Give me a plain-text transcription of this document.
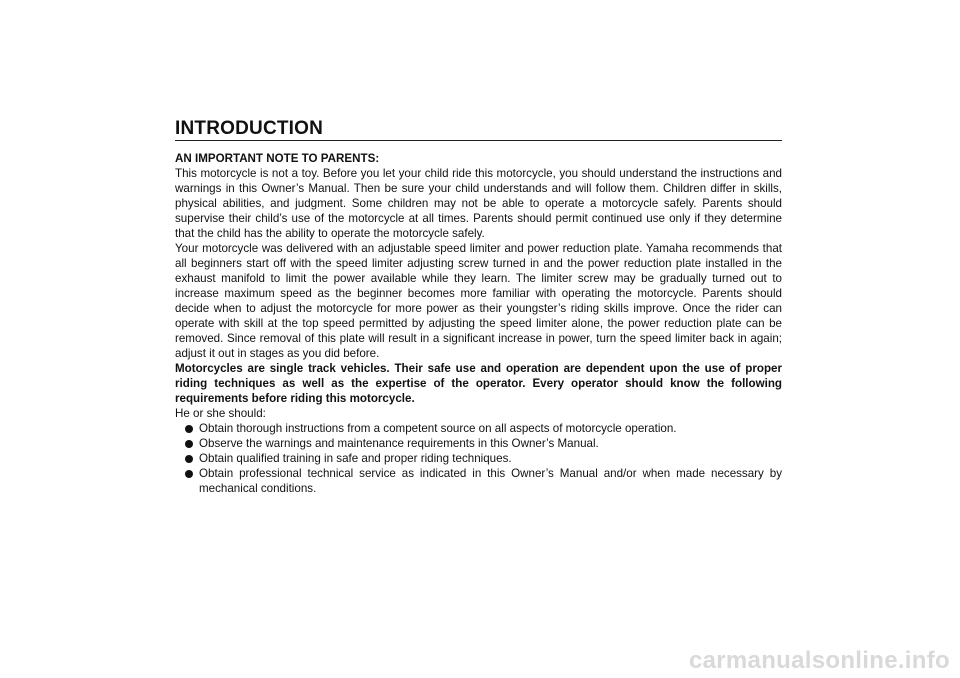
INTRODUCTION

AN IMPORTANT NOTE TO PARENTS:

This motorcycle is not a toy. Before you let your child ride this motorcycle, you should understand the instructions and warnings in this Owner’s Manual. Then be sure your child understands and will follow them. Children differ in skills, physical abilities, and judgment. Some children may not be able to operate a motorcycle safely. Parents should supervise their child’s use of the motorcycle at all times. Parents should permit continued use only if they determine that the child has the ability to operate the motorcycle safely.

Your motorcycle was delivered with an adjustable speed limiter and power reduction plate. Yamaha recommends that all beginners start off with the speed limiter adjusting screw turned in and the power reduction plate installed in the exhaust manifold to limit the power available while they learn. The limiter screw may be gradually turned out to increase maximum speed as the beginner becomes more familiar with operating the motorcycle. Parents should decide when to adjust the motorcycle for more power as their youngster’s riding skills improve. Once the rider can operate with skill at the top speed permitted by adjusting the speed limiter alone, the power reduction plate can be removed. Since removal of this plate will result in a significant increase in power, turn the speed limiter back in again; adjust it out in stages as you did before.

Motorcycles are single track vehicles. Their safe use and operation are dependent upon the use of proper riding techniques as well as the expertise of the operator. Every operator should know the following requirements before riding this motorcycle.

He or she should:

Obtain thorough instructions from a competent source on all aspects of motorcycle operation.
Observe the warnings and maintenance requirements in this Owner’s Manual.
Obtain qualified training in safe and proper riding techniques.
Obtain professional technical service as indicated in this Owner’s Manual and/or when made necessary by mechanical conditions.

carmanualsonline.info
